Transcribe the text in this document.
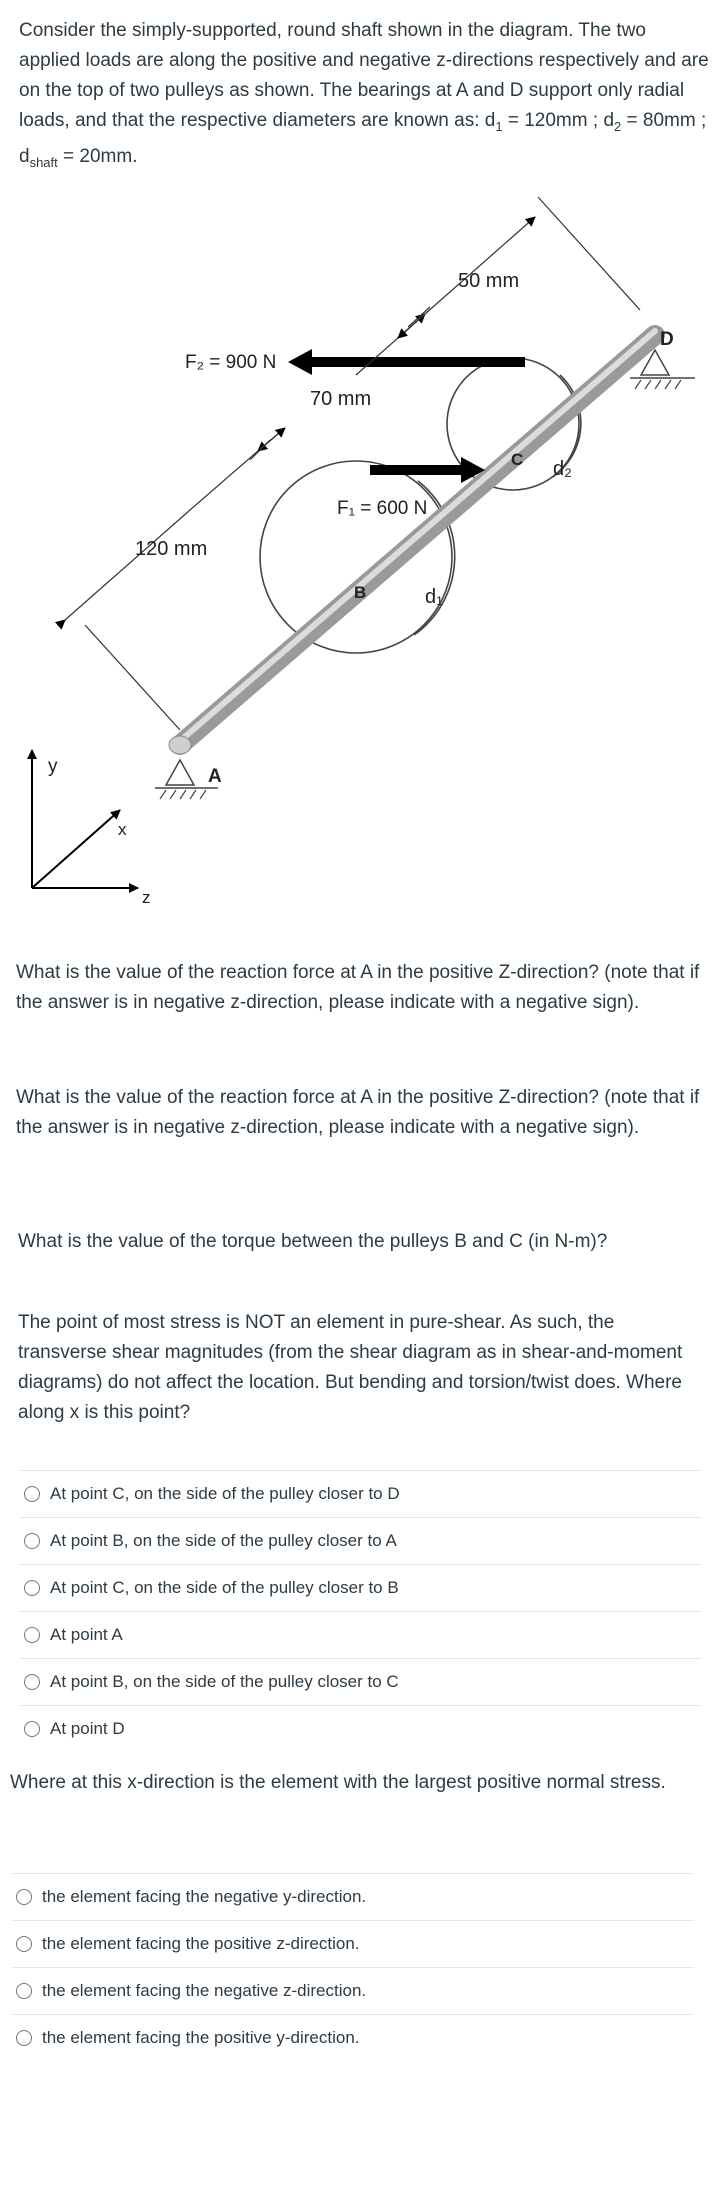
Consider the simply-supported, round shaft shown in the diagram. The two applied loads are along the positive and negative z-directions respectively and are on the top of two pulleys as shown. The bearings at A and D support only radial loads, and that the respective diameters are known as: $d_1 = 120mm$ ; $d_2 = 80mm$ ; $d_{shaft} = 20mm$.

50 mm
70 mm
120 mm
F₂ = 900 N
F₁ = 600 N
A
B
C
D
d₁
d₂
y
x
z

What is the value of the reaction force at A in the positive Z-direction? (note that if the answer is in negative z-direction, please indicate with a negative sign).

What is the value of the reaction force at A in the positive Z-direction? (note that if the answer is in negative z-direction, please indicate with a negative sign).

What is the value of the torque between the pulleys B and C (in N-m)?

The point of most stress is NOT an element in pure-shear. As such, the transverse shear magnitudes (from the shear diagram as in shear-and-moment diagrams) do not affect the location. But bending and torsion/twist does. Where along x is this point?

At point C, on the side of the pulley closer to D
At point B, on the side of the pulley closer to A
At point C, on the side of the pulley closer to B
At point A
At point B, on the side of the pulley closer to C
At point D

Where at this x-direction is the element with the largest positive normal stress.

the element facing the negative y-direction.
the element facing the positive z-direction.
the element facing the negative z-direction.
the element facing the positive y-direction.
